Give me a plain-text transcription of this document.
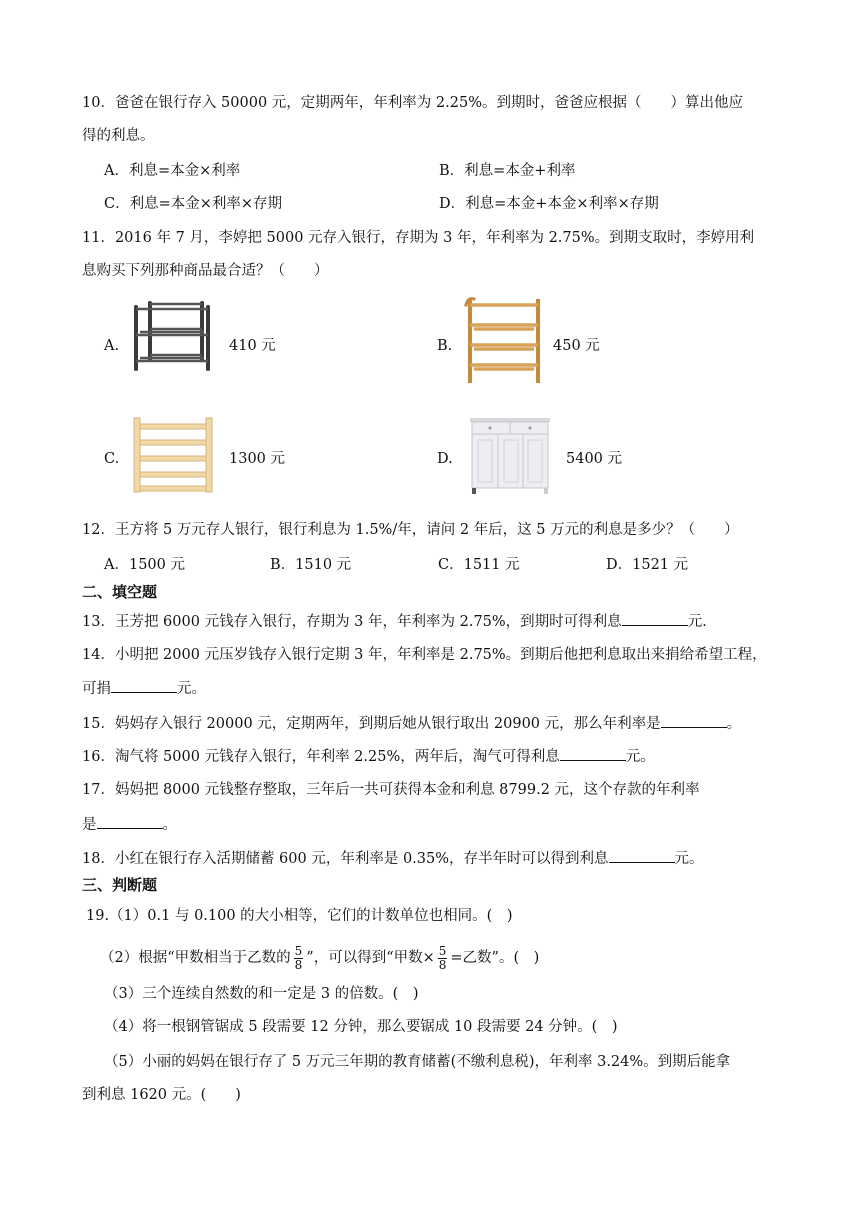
10．爸爸在银行存入 50000 元，定期两年，年利率为 2.25%。到期时，爸爸应根据（　　）算出他应
得的利息。
A．利息=本金×利率	B．利息=本金+利率
C．利息=本金×利率×存期	D．利息=本金+本金×利率×存期
11．2016 年 7 月，李婷把 5000 元存入银行，存期为 3 年，年利率为 2.75%。到期支取时，李婷用利
息购买下列那种商品最合适？（　　）
A.	410 元	B.	450 元
C.	1300 元	D.	5400 元
12．王方将 5 万元存人银行，银行利息为 1.5%/年，请问 2 年后，这 5 万元的利息是多少？（　　）
A．1500 元	B．1510 元	C．1511 元	D．1521 元
二、填空题
13．王芳把 6000 元钱存入银行，存期为 3 年，年利率为 2.75%，到期时可得利息	元.
14．小明把 2000 元压岁钱存入银行定期 3 年，年利率是 2.75%。到期后他把利息取出来捐给希望工程，
可捐	元。
15．妈妈存入银行 20000 元，定期两年，到期后她从银行取出 20900 元，那么年利率是	。
16．淘气将 5000 元钱存入银行，年利率 2.25%，两年后，淘气可得利息	元。
17．妈妈把 8000 元钱整存整取，三年后一共可获得本金和利息 8799.2 元，这个存款的年利率
是	。
18．小红在银行存入活期储蓄 600 元，年利率是 0.35%，存半年时可以得到利息	元。
三、判断题
19.（1）0.1 与 0.100 的大小相等，它们的计数单位也相同。(　)
（2）根据“甲数相当于乙数的 $\frac{5}{8}$ ”，可以得到“甲数× $\frac{5}{8}$ =乙数”。(　)
（3）三个连续自然数的和一定是 3 的倍数。(　)
（4）将一根钢管锯成 5 段需要 12 分钟，那么要锯成 10 段需要 24 分钟。(　)
（5）小丽的妈妈在银行存了 5 万元三年期的教育储蓄(不缴利息税)，年利率 3.24%。到期后能拿
到利息 1620 元。(　　)
